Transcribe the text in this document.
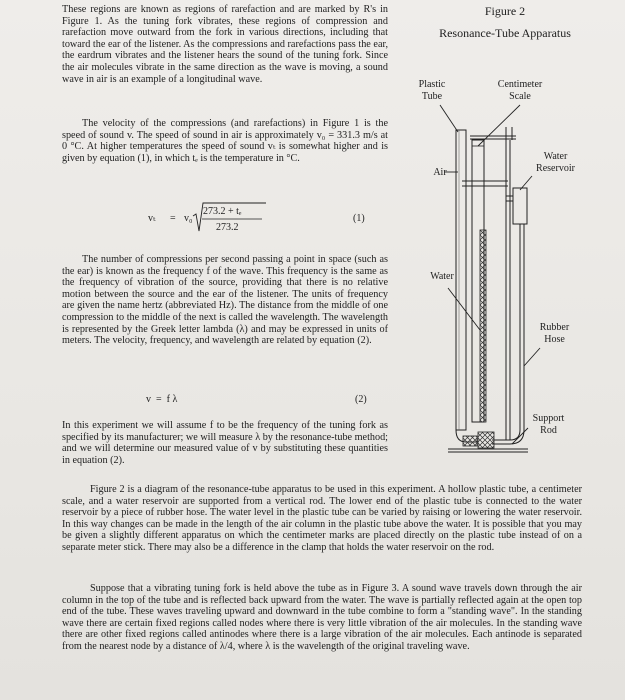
These regions are known as regions of rarefaction and are marked by R's in Figure 1. As the tuning fork vibrates, these regions of compression and rarefaction move outward from the fork in various directions, including that toward the ear of the listener. As the compressions and rarefactions pass the ear, the eardrum vibrates and the listener hears the sound of the tuning fork. Since the air molecules vibrate in the same direction as the wave is moving, a sound wave in air is an example of a longitudinal wave.

The velocity of the compressions (and rarefactions) in Figure 1 is the speed of sound v. The speed of sound in air is approximately v₀ = 331.3 m/s at 0 °C. At higher temperatures the speed of sound vₜ is somewhat higher and is given by equation (1), in which tₑ is the temperature in °C.

vₜ = v₀
273.2 + tₑ
273.2
(1)

The number of compressions per second passing a point in space (such as the ear) is known as the frequency f of the wave. This frequency is the same as the frequency of vibration of the source, providing that there is no relative motion between the source and the ear of the listener. The units of frequency are given the name hertz (abbreviated Hz). The distance from the middle of one compression to the middle of the next is called the wavelength. The wavelength is represented by the Greek letter lambda (λ) and may be expressed in units of meters. The velocity, frequency, and wavelength are related by equation (2).

v  =  f λ	(2)

In this experiment we will assume f to be the frequency of the tuning fork as specified by its manufacturer; we will measure λ by the resonance-tube method; and we will determine our measured value of v by substituting these quantities in equation (2).

Figure 2 is a diagram of the resonance-tube apparatus to be used in this experiment. A hollow plastic tube, a centimeter scale, and a water reservoir are supported from a vertical rod. The lower end of the plastic tube is connected to the water reservoir by a piece of rubber hose. The water level in the plastic tube can be varied by raising or lowering the water reservoir. In this way changes can be made in the length of the air column in the plastic tube above the water. It is possible that you may be given a slightly different apparatus on which the centimeter marks are placed directly on the plastic tube instead of on a separate meter stick. There may also be a difference in the clamp that holds the water reservoir on the rod.

Suppose that a vibrating tuning fork is held above the tube as in Figure 3. A sound wave travels down through the air column in the top of the tube and is reflected back upward from the water. The wave is partially reflected again at the open top end of the tube. These waves traveling upward and downward in the tube combine to form a "standing wave". In the standing wave there are certain fixed regions called nodes where there is very little vibration of the air molecules. In the standing wave there are other fixed regions called antinodes where there is a large vibration of the air molecules. Each antinode is separated from the nearest node by a distance of λ/4, where λ is the wavelength of the original traveling wave.

Figure 2

Resonance-Tube Apparatus

Plastic Tube

Centimeter Scale

Air

Water Reservoir

Water

Rubber Hose

Support Rod
